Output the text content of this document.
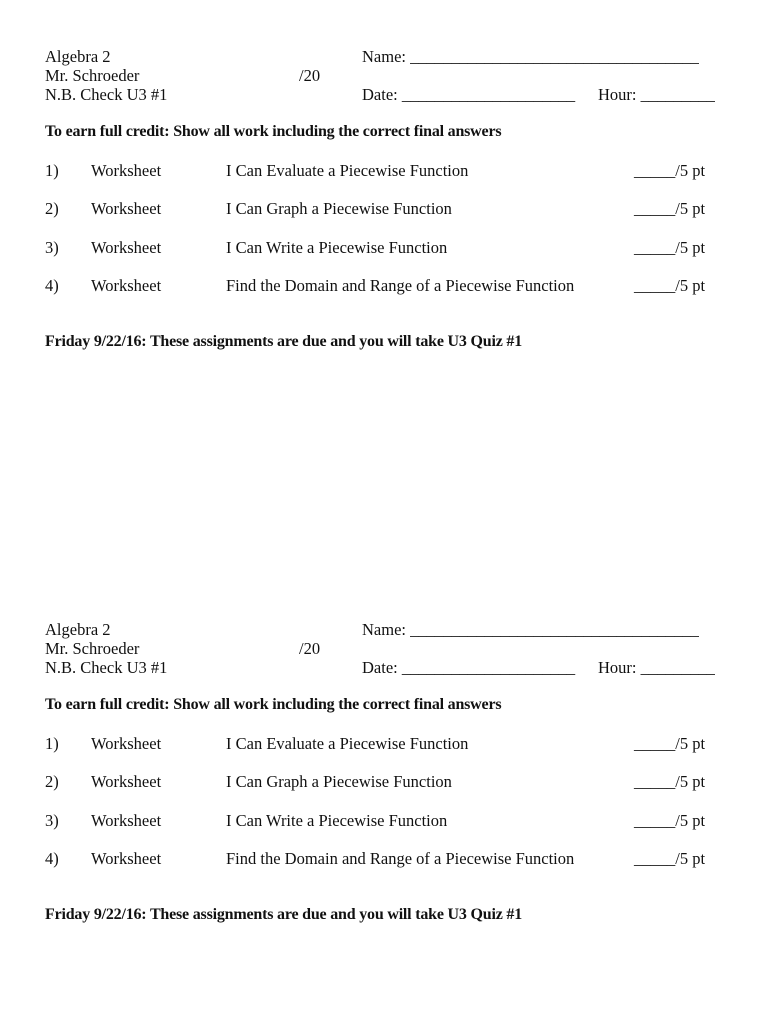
Algebra 2
Mr. Schroeder
N.B. Check U3 #1
/20
Name: ___________________________________
Date: _____________________ Hour: _________
To earn full credit: Show all work including the correct final answers
1) Worksheet	I Can Evaluate a Piecewise Function	_____/5 pt
2) Worksheet	I Can Graph a Piecewise Function	_____/5 pt
3) Worksheet	I Can Write a Piecewise Function	_____/5 pt
4) Worksheet	Find the Domain and Range of a Piecewise Function	_____/5 pt
Friday 9/22/16: These assignments are due and you will take U3 Quiz #1
Algebra 2
Mr. Schroeder
N.B. Check U3 #1
/20
Name: ___________________________________
Date: _____________________ Hour: _________
To earn full credit: Show all work including the correct final answers
1) Worksheet	I Can Evaluate a Piecewise Function	_____/5 pt
2) Worksheet	I Can Graph a Piecewise Function	_____/5 pt
3) Worksheet	I Can Write a Piecewise Function	_____/5 pt
4) Worksheet	Find the Domain and Range of a Piecewise Function	_____/5 pt
Friday 9/22/16: These assignments are due and you will take U3 Quiz #1
